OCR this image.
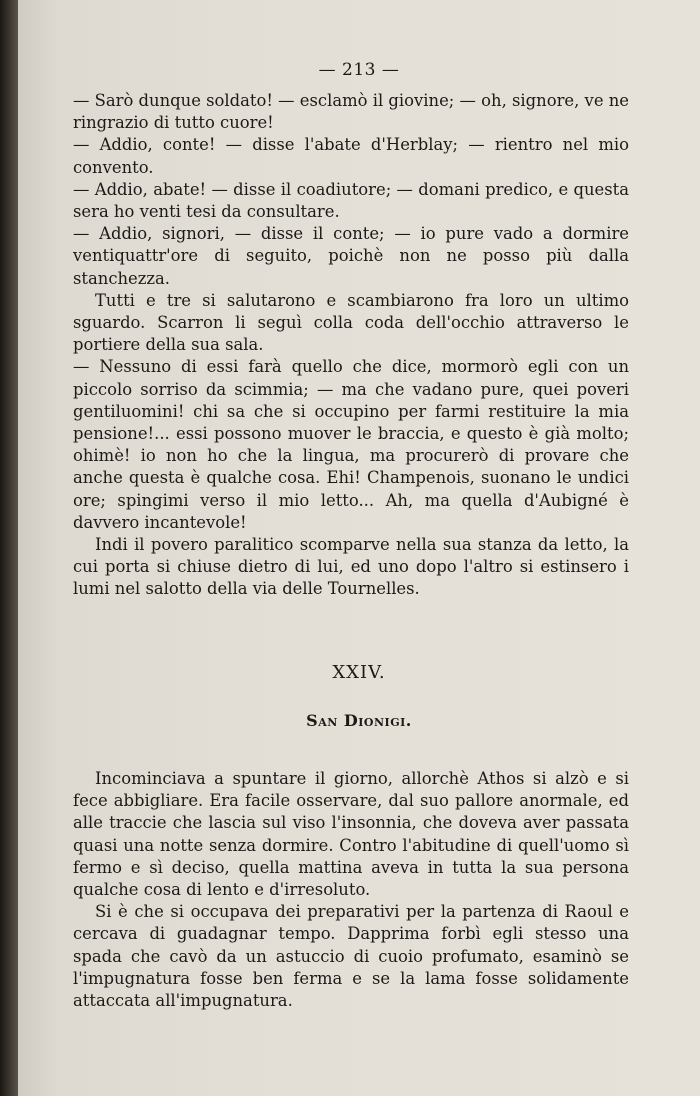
— 213 —

— Sarò dunque soldato! — esclamò il giovine; — oh, signore, ve ne ringrazio di tutto cuore!

— Addio, conte! — disse l'abate d'Herblay; — rientro nel mio convento.

— Addio, abate! — disse il coadiutore; — domani predico, e questa sera ho venti tesi da consultare.

— Addio, signori, — disse il conte; — io pure vado a dormire ventiquattr'ore di seguito, poichè non ne posso più dalla stanchezza.

Tutti e tre si salutarono e scambiarono fra loro un ultimo sguardo. Scarron li seguì colla coda dell'occhio attraverso le portiere della sua sala.

— Nessuno di essi farà quello che dice, mormorò egli con un piccolo sorriso da scimmia; — ma che vadano pure, quei poveri gentiluomini! chi sa che si occupino per farmi restituire la mia pensione!... essi possono muover le braccia, e questo è già molto; ohimè! io non ho che la lingua, ma procurerò di provare che anche questa è qualche cosa. Ehi! Champenois, suonano le undici ore; spingimi verso il mio letto... Ah, ma quella d'Aubigné è davvero incantevole!

Indi il povero paralitico scomparve nella sua stanza da letto, la cui porta si chiuse dietro di lui, ed uno dopo l'altro si estinsero i lumi nel salotto della via delle Tournelles.

XXIV.
San Dionigi.

Incominciava a spuntare il giorno, allorchè Athos si alzò e si fece abbigliare. Era facile osservare, dal suo pallore anormale, ed alle traccie che lascia sul viso l'insonnia, che doveva aver passata quasi una notte senza dormire. Contro l'abitudine di quell'uomo sì fermo e sì deciso, quella mattina aveva in tutta la sua persona qualche cosa di lento e d'irresoluto.

Si è che si occupava dei preparativi per la partenza di Raoul e cercava di guadagnar tempo. Dapprima forbì egli stesso una spada che cavò da un astuccio di cuoio profumato, esaminò se l'impugnatura fosse ben ferma e se la lama fosse solidamente attaccata all'impugnatura.
